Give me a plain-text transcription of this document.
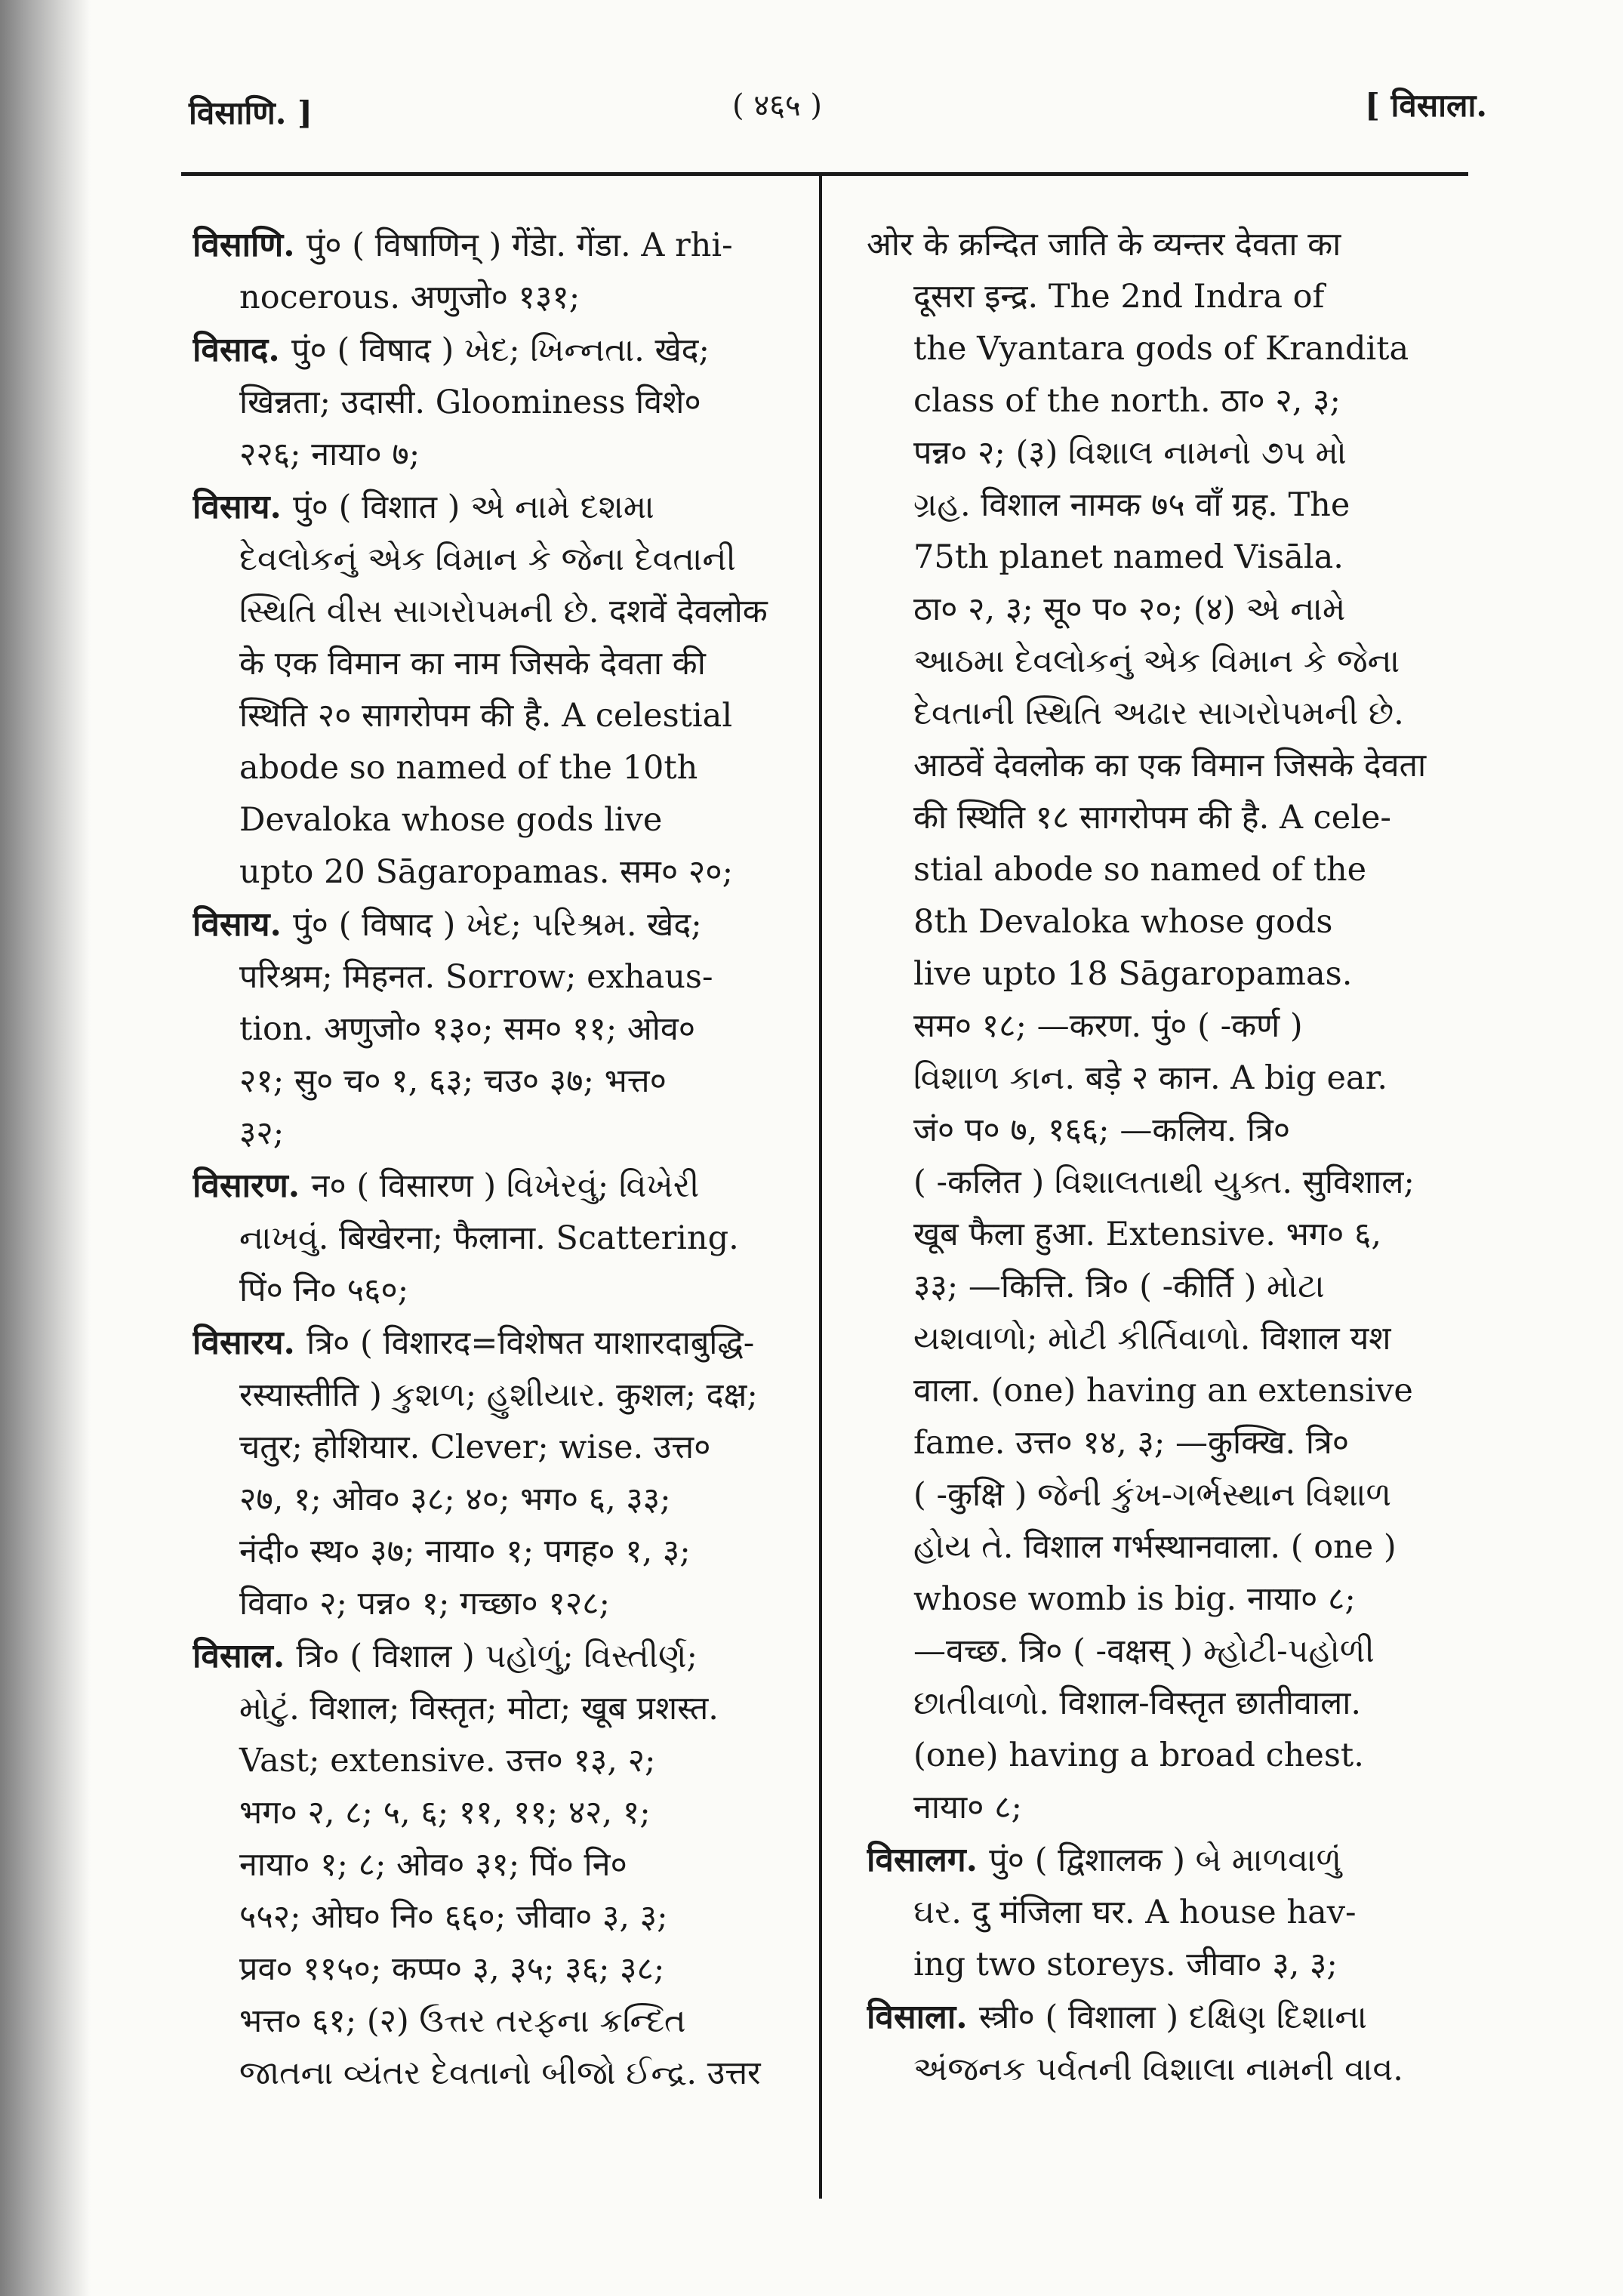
विसाणि. ]	( ४६५ )	[ विसाला.
विसाणि. पुं० ( विषाणिन् ) गेंडेा. गेंडा. A rhi-
nocerous. अणुजो० १३१;
विसाद. पुं० ( विषाद ) ખેદ; ખિન્નતા. खेद;
खिन्नता; उदासी. Gloominess विशे०
२२६; नाया० ७;
विसाय. पुं० ( विशात ) એ નામે દશમા
દેવલોકનું એક વિમાન કે જેના દેવતાની
સ્થિતિ વીસ સાગરોપમની છે. दशवें देवलोक
के एक विमान का नाम जिसके देवता की
स्थिति २० सागरोपम की है. A celestial
abode so named of the 10th
Devaloka whose gods live
upto 20 Sāgaropamas. सम० २०;
विसाय. पुं० ( विषाद ) ખેદ; પરિશ્રમ. खेद;
परिश्रम; मिहनत. Sorrow; exhaus-
tion. अणुजो० १३०; सम० ११; ओव०
२१; सु० च० १, ६३; चउ० ३७; भत्त०
३२;
विसारण. न० ( विसारण ) વિખેરવું; વિખેરી
નાખવું. बिखेरना; फैलाना. Scattering.
पिं० नि० ५६०;
विसारय. त्रि० ( विशारद=विशेषत याशारदाबुद्धि-
रस्यास्तीति ) કુશળ; હુશીયાર. कुशल; दक्ष;
चतुर; होशियार. Clever; wise. उत्त०
२७, १; ओव० ३८; ४०; भग० ६, ३३;
नंदी० स्थ० ३७; नाया० १; पगह० १, ३;
विवा० २; पन्न० १; गच्छा० १२८;
विसाल. त्रि० ( विशाल ) પહોળું; વિસ્તીર્ણ;
મોટું. विशाल; विस्तृत; मोटा; खूब प्रशस्त.
Vast; extensive. उत्त० १३, २;
भग० २, ८; ५, ६; ११, ११; ४२, १;
नाया० १; ८; ओव० ३१; पिं० नि०
५५२; ओघ० नि० ६६०; जीवा० ३, ३;
प्रव० ११५०; कप्प० ३, ३५; ३६; ३८;
भत्त० ६१; (२) ઉત્તર તરફના ક્રન્દિત
જાતના વ્યંતર દેવતાનો બીજો ઈન્દ્ર. उत्तर
ओर के क्रन्दित जाति के व्यन्तर देवता का
दूसरा इन्द्र. The 2nd Indra of
the Vyantara gods of Krandita
class of the north. ठा० २, ३;
पन्न० २; (३) વિશાલ નામનો ૭૫ મો
ગ્રહ. विशाल नामक ७५ वाँ ग्रह. The
75th planet named Visāla.
ठा० २, ३; सू० प० २०; (४) એ નામે
આઠમા દેવલોકનું એક વિમાન કે જેના
દેવતાની સ્થિતિ અઢાર સાગરોપમની છે.
आठवें देवलोक का एक विमान जिसके देवता
की स्थिति १८ सागरोपम की है. A cele-
stial abode so named of the
8th Devaloka whose gods
live upto 18 Sāgaropamas.
सम० १८; —करण. पुं० ( -कर्ण )
વિશાળ કાન. बड़े २ कान. A big ear.
जं० प० ७, १६६; —कलिय. त्रि०
( -कलित ) વિશાલતાથી યુક્ત. सुविशाल;
खूब फैला हुआ. Extensive. भग० ६,
३३; —कित्ति. त्रि० ( -कीर्ति ) મોટા
યશવાળો; મોટી કીર્તિવાળો. विशाल यश
वाला. (one) having an extensive
fame. उत्त० १४, ३; —कुक्खि. त्रि०
( -कुक्षि ) જેની કુંખ-ગર્ભસ્થાન વિશાળ
હોય તે. विशाल गर्भस्थानवाला. ( one )
whose womb is big. नाया० ८;
—वच्छ. त्रि० ( -वक्षस् ) મ્હોટી-પહોળી
છાતીવાળો. विशाल-विस्तृत छातीवाला.
(one) having a broad chest.
नाया० ८;
विसालग. पुं० ( द्विशालक ) બે માળવાળું
ઘર. दु मंजिला घर. A house hav-
ing two storeys. जीवा० ३, ३;
विसाला. स्त्री० ( विशाला ) દક્ષિણ દિશાના
અંજનક પર્વતની વિશાલા નામની વાવ.
